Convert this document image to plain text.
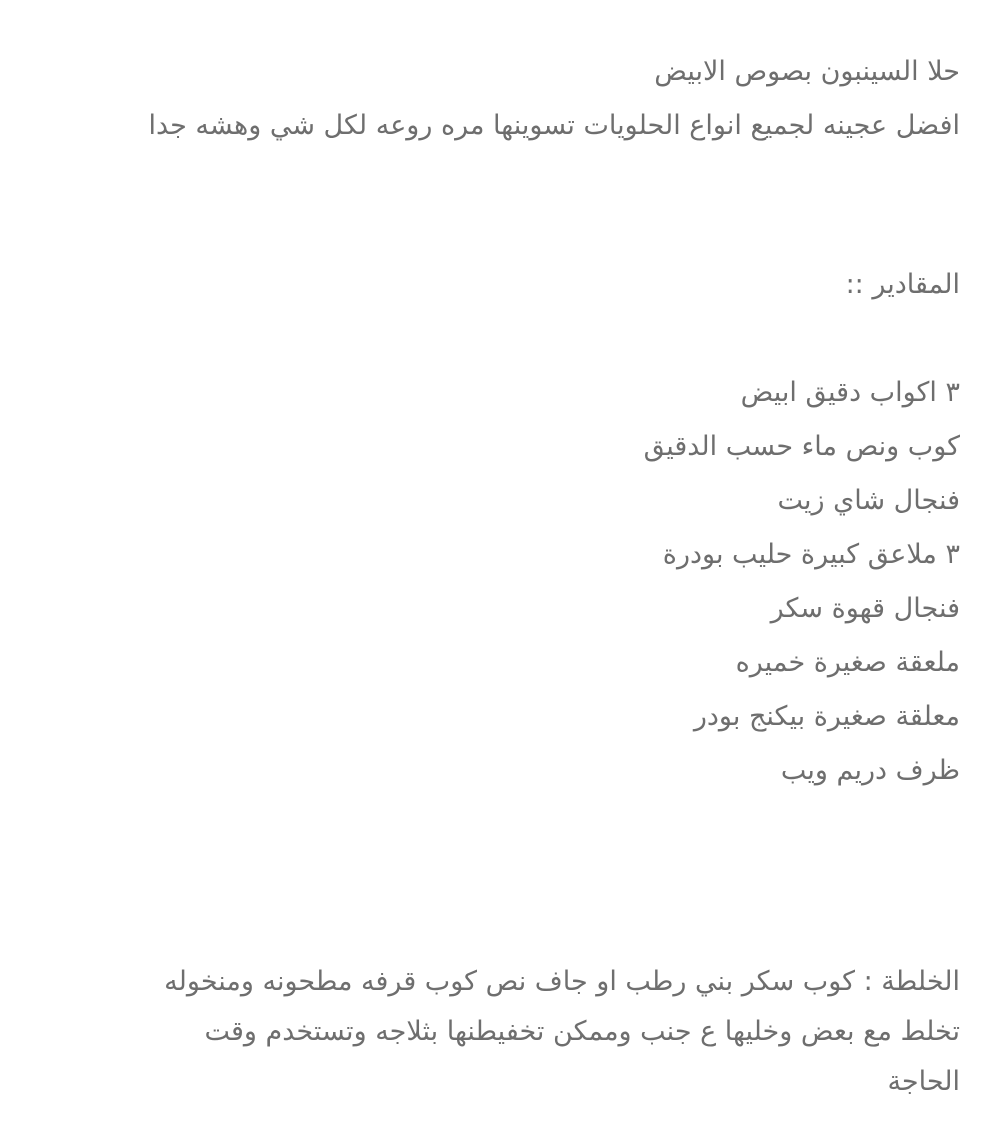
حلا السينبون بصوص الابيض
افضل عجينه لجميع انواع الحلويات تسوينها مره روعه لكل شي وهشه جدا
المقادير ::
٣ اكواب دقيق ابيض
كوب ونص ماء حسب الدقيق
فنجال شاي زيت
٣ ملاعق كبيرة حليب بودرة
فنجال قهوة سكر
ملعقة صغيرة خميره
معلقة صغيرة بيكنج بودر
ظرف دريم ويب
الخلطة : كوب سكر بني رطب او جاف نص كوب قرفه مطحونه ومنخوله
تخلط مع بعض وخليها ع جنب وممكن تخفيطنها بثلاجه وتستخدم وقت
الحاجة
